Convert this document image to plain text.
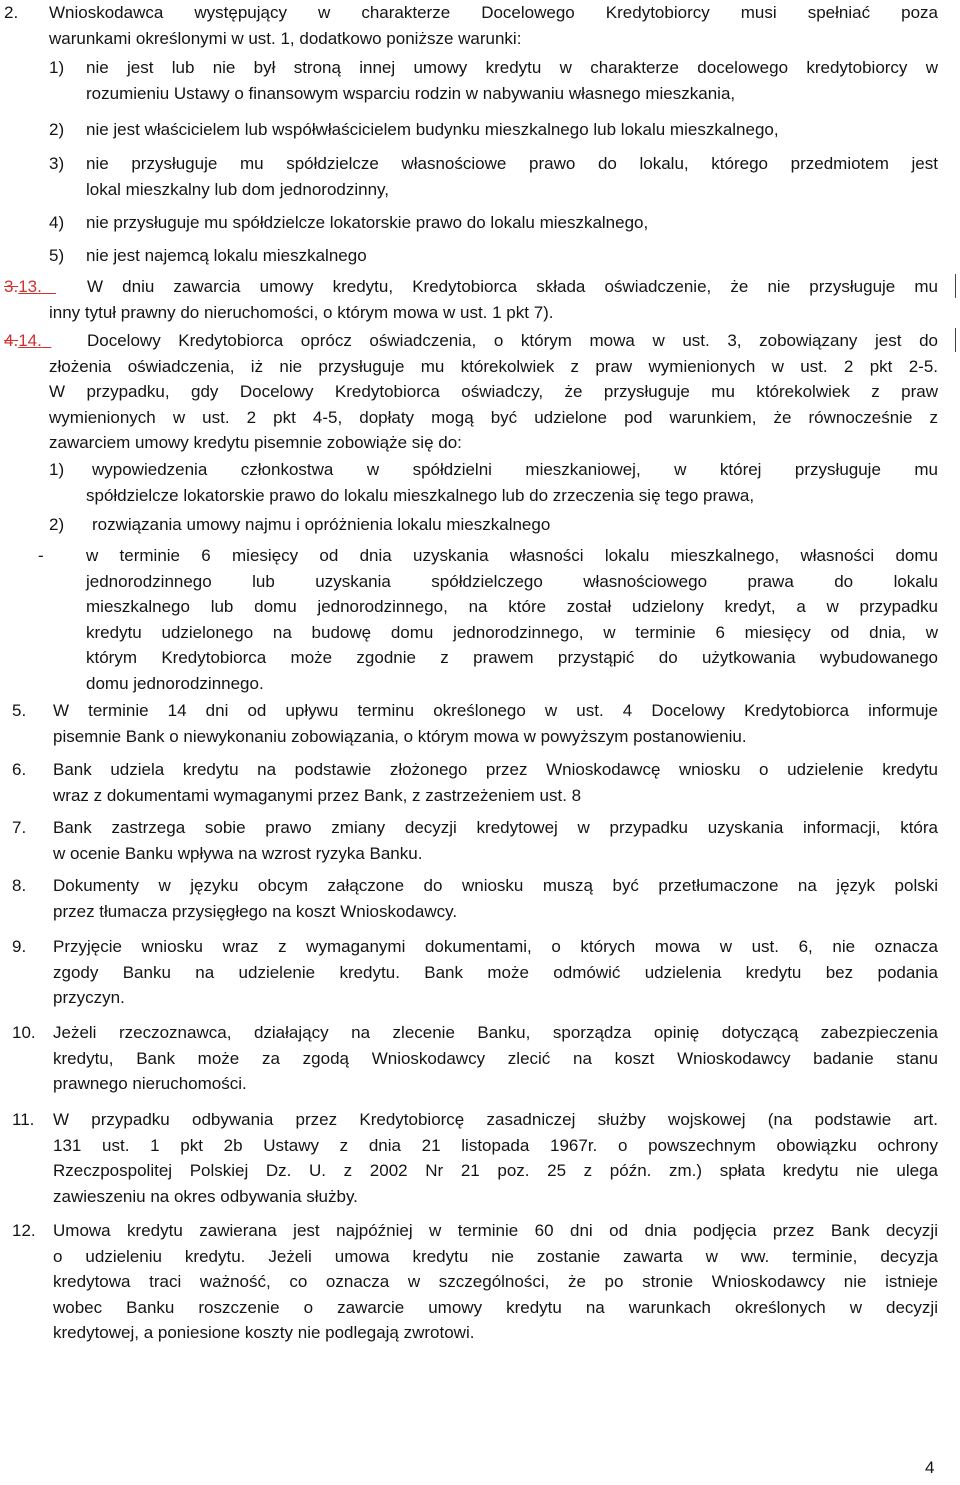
2. Wnioskodawca występujący w charakterze Docelowego Kredytobiorcy musi spełniać poza
warunkami określonymi w ust. 1, dodatkowo poniższe warunki:
1) nie jest lub nie był stroną innej umowy kredytu w charakterze docelowego kredytobiorcy w
rozumieniu Ustawy o finansowym wsparciu rodzin w nabywaniu własnego mieszkania,
2) nie jest właścicielem lub współwłaścicielem budynku mieszkalnego lub lokalu mieszkalnego,
3) nie przysługuje mu spółdzielcze własnościowe prawo do lokalu, którego przedmiotem jest
lokal mieszkalny lub dom jednorodzinny,
4) nie przysługuje mu spółdzielcze lokatorskie prawo do lokalu mieszkalnego,
5) nie jest najemcą lokalu mieszkalnego
3.13.	W dniu zawarcia umowy kredytu, Kredytobiorca składa oświadczenie, że nie przysługuje mu
inny tytuł prawny do nieruchomości, o którym mowa w ust. 1 pkt 7).
4.14.	Docelowy Kredytobiorca oprócz oświadczenia, o którym mowa w ust. 3, zobowiązany jest do
złożenia oświadczenia, iż nie przysługuje mu którekolwiek z praw wymienionych w ust. 2 pkt 2-5.
W przypadku, gdy Docelowy Kredytobiorca oświadczy, że przysługuje mu którekolwiek z praw
wymienionych w ust. 2 pkt 4-5, dopłaty mogą być udzielone pod warunkiem, że równocześnie z
zawarciem umowy kredytu pisemnie zobowiąże się do:
1) wypowiedzenia członkostwa w spółdzielni mieszkaniowej, w której przysługuje mu
spółdzielcze lokatorskie prawo do lokalu mieszkalnego lub do zrzeczenia się tego prawa,
2) rozwiązania umowy najmu i opróżnienia lokalu mieszkalnego
- w terminie 6 miesięcy od dnia uzyskania własności lokalu mieszkalnego, własności domu
jednorodzinnego lub uzyskania spółdzielczego własnościowego prawa do lokalu
mieszkalnego lub domu jednorodzinnego, na które został udzielony kredyt, a w przypadku
kredytu udzielonego na budowę domu jednorodzinnego, w terminie 6 miesięcy od dnia, w
którym Kredytobiorca może zgodnie z prawem przystąpić do użytkowania wybudowanego
domu jednorodzinnego.
5. W terminie 14 dni od upływu terminu określonego w ust. 4 Docelowy Kredytobiorca informuje
pisemnie Bank o niewykonaniu zobowiązania, o którym mowa w powyższym postanowieniu.
6. Bank udziela kredytu na podstawie złożonego przez Wnioskodawcę wniosku o udzielenie kredytu
wraz z dokumentami wymaganymi przez Bank, z zastrzeżeniem ust. 8
7. Bank zastrzega sobie prawo zmiany decyzji kredytowej w przypadku uzyskania informacji, która
w ocenie Banku wpływa na wzrost ryzyka Banku.
8. Dokumenty w języku obcym załączone do wniosku muszą być przetłumaczone na język polski
przez tłumacza przysięgłego na koszt Wnioskodawcy.
9. Przyjęcie wniosku wraz z wymaganymi dokumentami, o których mowa w ust. 6, nie oznacza
zgody Banku na udzielenie kredytu. Bank może odmówić udzielenia kredytu bez podania
przyczyn.
10. Jeżeli rzeczoznawca, działający na zlecenie Banku, sporządza opinię dotyczącą zabezpieczenia
kredytu, Bank może za zgodą Wnioskodawcy zlecić na koszt Wnioskodawcy badanie stanu
prawnego nieruchomości.
11. W przypadku odbywania przez Kredytobiorcę zasadniczej służby wojskowej (na podstawie art.
131 ust. 1 pkt 2b Ustawy z dnia 21 listopada 1967r. o powszechnym obowiązku ochrony
Rzeczpospolitej Polskiej Dz. U. z 2002 Nr 21 poz. 25 z późn. zm.) spłata kredytu nie ulega
zawieszeniu na okres odbywania służby.
12. Umowa kredytu zawierana jest najpóźniej w terminie 60 dni od dnia podjęcia przez Bank decyzji
o udzieleniu kredytu. Jeżeli umowa kredytu nie zostanie zawarta w ww. terminie, decyzja
kredytowa traci ważność, co oznacza w szczególności, że po stronie Wnioskodawcy nie istnieje
wobec Banku roszczenie o zawarcie umowy kredytu na warunkach określonych w decyzji
kredytowej, a poniesione koszty nie podlegają zwrotowi.
4
